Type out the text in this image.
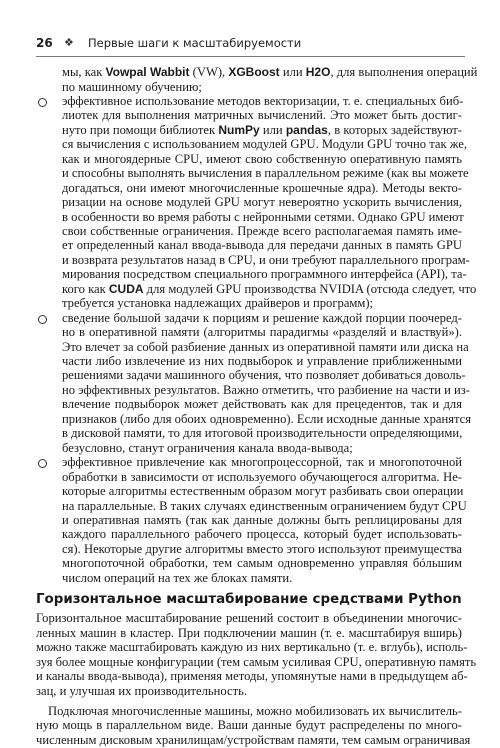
26 ❖ Первые шаги к масштабируемости
мы, как Vowpal Wabbit (VW), XGBoost или H2O, для выполнения операций
по машинному обучению;
эффективное использование методов векторизации, т. е. специальных биб-
лиотек для выполнения матричных вычислений. Это может быть достиг-
нуто при помощи библиотек NumPy или pandas, в которых задействуют-
ся вычисления с использованием модулей GPU. Модули GPU точно так же,
как и многоядерные CPU, имеют свою собственную оперативную память
и способны выполнять вычисления в параллельном режиме (как вы можете
догадаться, они имеют многочисленные крошечные ядра). Методы векто-
ризации на основе модулей GPU могут невероятно ускорить вычисления,
в особенности во время работы с нейронными сетями. Однако GPU имеют
свои собственные ограничения. Прежде всего располагаемая память име-
ет определенный канал ввода-вывода для передачи данных в память GPU
и возврата результатов назад в CPU, и они требуют параллельного програм-
мирования посредством специального программного интерфейса (API), та-
кого как CUDA для модулей GPU производства NVIDIA (отсюда следует, что
требуется установка надлежащих драйверов и программ);
сведение большой задачи к порциям и решение каждой порции поочеред-
но в оперативной памяти (алгоритмы парадигмы «разделяй и властвуй»).
Это влечет за собой разбиение данных из оперативной памяти или диска на
части либо извлечение из них подвыборок и управление приближенными
решениями задачи машинного обучения, что позволяет добиваться доволь-
но эффективных результатов. Важно отметить, что разбиение на части и из-
влечение подвыборок может действовать как для прецедентов, так и для
признаков (либо для обоих одновременно). Если исходные данные хранятся
в дисковой памяти, то для итоговой производительности определяющими,
безусловно, станут ограничения канала ввода-вывода;
эффективное привлечение как многопроцессорной, так и многопоточной
обработки в зависимости от используемого обучающегося алгоритма. Не-
которые алгоритмы естественным образом могут разбивать свои операции
на параллельные. В таких случаях единственным ограничением будут CPU
и оперативная память (так как данные должны быть реплицированы для
Горизонтальное масштабирование средствами Python
Горизонтальное масштабирование решений состоит в объединении многочис-
ленных машин в кластер. При подключении машин (т. е. масштабируя вширь)
можно также масштабировать каждую из них вертикально (т. е. вглубь), исполь-
зуя более мощные конфигурации (тем самым усиливая CPU, оперативную память
и каналы ввода-вывода), применяя методы, упомянутые нами в предыдущем аб-
зац, и улучшая их производительность.
Подключая многочисленные машины, можно мобилизовать их вычислитель-
ную мощь в параллельном виде. Ваши данные будут распределены по много-
численным дисковым хранилищам/устройствам памяти, тем самым ограничивая
каждого параллельного рабочего процесса, который будет использовать-
ся). Некоторые другие алгоритмы вместо этого используют преимущества
многопоточной обработки, тем самым одновременно управляя бóльшим
числом операций на тех же блоках памяти.
